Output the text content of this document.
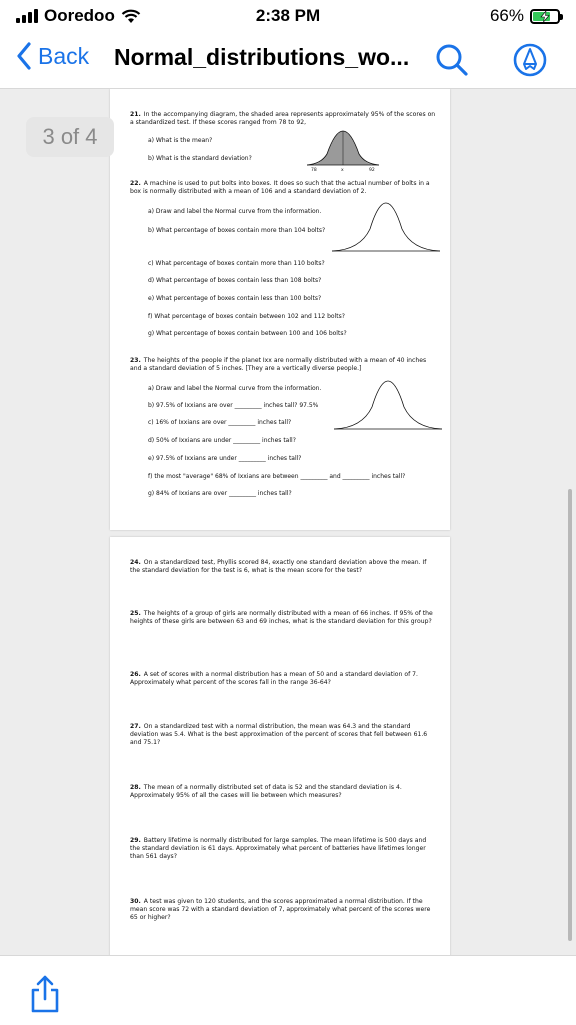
Ooredoo	2:38 PM	66%
Back Normal_distributions_wo...
21. In the accompanying diagram, the shaded area represents approximately 95% of the scores on a standardized test. If these scores ranged from 78 to 92,
a) What is the mean?
b) What is the standard deviation?
78	x	92
22. A machine is used to put bolts into boxes. It does so such that the actual number of bolts in a box is normally distributed with a mean of 106 and a standard deviation of 2.
a) Draw and label the Normal curve from the information.
b) What percentage of boxes contain more than 104 bolts?
c) What percentage of boxes contain more than 110 bolts?
d) What percentage of boxes contain less than 108 bolts?
e) What percentage of boxes contain less than 100 bolts?
f) What percentage of boxes contain between 102 and 112 bolts?
g) What percentage of boxes contain between 100 and 106 bolts?
23. The heights of the people if the planet Ixx are normally distributed with a mean of 40 inches and a standard deviation of 5 inches. [They are a vertically diverse people.]
a) Draw and label the Normal curve from the information.
b) 97.5% of Ixxians are over _________ inches tall? 97.5%
c) 16% of Ixxians are over _________ inches tall?
d) 50% of Ixxians are under _________ inches tall?
e) 97.5% of Ixxians are under _________ inches tall?
f) the most "average" 68% of Ixxians are between _________ and _________ inches tall?
g) 84% of Ixxians are over _________ inches tall?
24. On a standardized test, Phyllis scored 84, exactly one standard deviation above the mean. If the standard deviation for the test is 6, what is the mean score for the test?
25. The heights of a group of girls are normally distributed with a mean of 66 inches. If 95% of the heights of these girls are between 63 and 69 inches, what is the standard deviation for this group?
26. A set of scores with a normal distribution has a mean of 50 and a standard deviation of 7. Approximately what percent of the scores fall in the range 36-64?
27. On a standardized test with a normal distribution, the mean was 64.3 and the standard deviation was 5.4. What is the best approximation of the percent of scores that fell between 61.6 and 75.1?
28. The mean of a normally distributed set of data is 52 and the standard deviation is 4. Approximately 95% of all the cases will lie between which measures?
29. Battery lifetime is normally distributed for large samples. The mean lifetime is 500 days and the standard deviation is 61 days. Approximately what percent of batteries have lifetimes longer than 561 days?
30. A test was given to 120 students, and the scores approximated a normal distribution. If the mean score was 72 with a standard deviation of 7, approximately what percent of the scores were 65 or higher?
3 of 4
